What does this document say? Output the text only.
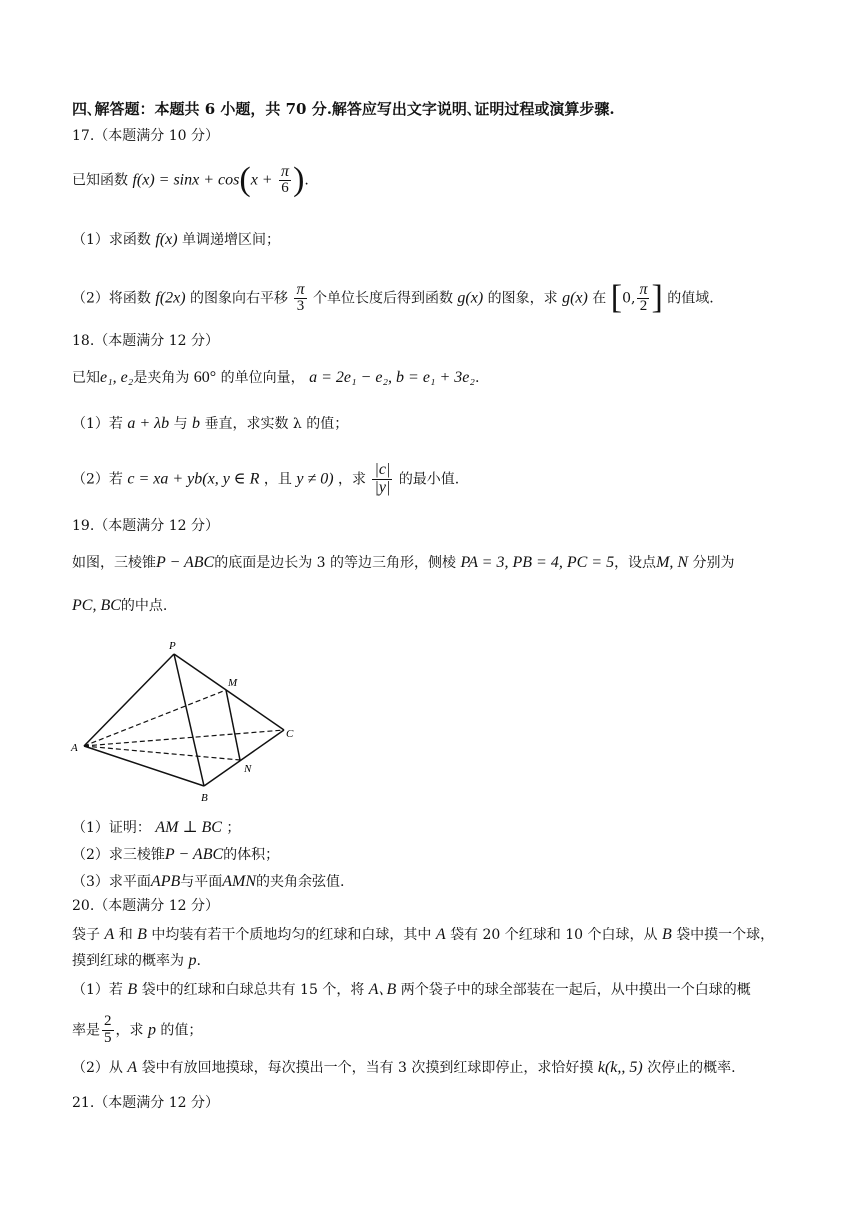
四､解答题：本题共 6 小题，共 70 分.解答应写出文字说明､证明过程或演算步骤.
17.（本题满分 10 分）
已知函数 $f(x) = \sin x + \cos(x + \frac{\pi}{6}$ ).
（1）求函数 f(x) 单调递增区间；
（2）将函数 f(2x) 的图象向右平移 $\frac{\pi}{3}$ 个单位长度后得到函数 g(x) 的图象，求 g(x) 在 [0, $\frac{\pi}{2}$ ] 的值域.
18.（本题满分 12 分）
已知e₁, e₂是夹角为 60° 的单位向量， a = 2e₁ − e₂, b = e₁ + 3e₂.
（1）若 a + λb 与 b 垂直，求实数 λ 的值；
（2）若 c = xa + yb(x, y ∈ R ，且 y ≠ 0) ，求 $\frac{|c|}{|y|}$ 的最小值.
19.（本题满分 12 分）
如图，三棱锥P − ABC的底面是边长为 3 的等边三角形，侧棱 PA = 3, PB = 4, PC = 5，设点M, N 分别为
PC, BC的中点.
P
M
A
C
N
B
（1）证明： AM ⊥ BC ；
（2）求三棱锥P − ABC的体积；
（3）求平面APB与平面AMN的夹角余弦值.
20.（本题满分 12 分）
袋子 A 和 B 中均装有若干个质地均匀的红球和白球，其中 A 袋有 20 个红球和 10 个白球，从 B 袋中摸一个球，
摸到红球的概率为 p.
（1）若 B 袋中的红球和白球总共有 15 个，将 A､B 两个袋子中的球全部装在一起后，从中摸出一个白球的概
率是 $\frac{2}{5}$ ，求 p 的值；
（2）从 A 袋中有放回地摸球，每次摸出一个，当有 3 次摸到红球即停止，求恰好摸 k(k,, 5) 次停止的概率.
21.（本题满分 12 分）
